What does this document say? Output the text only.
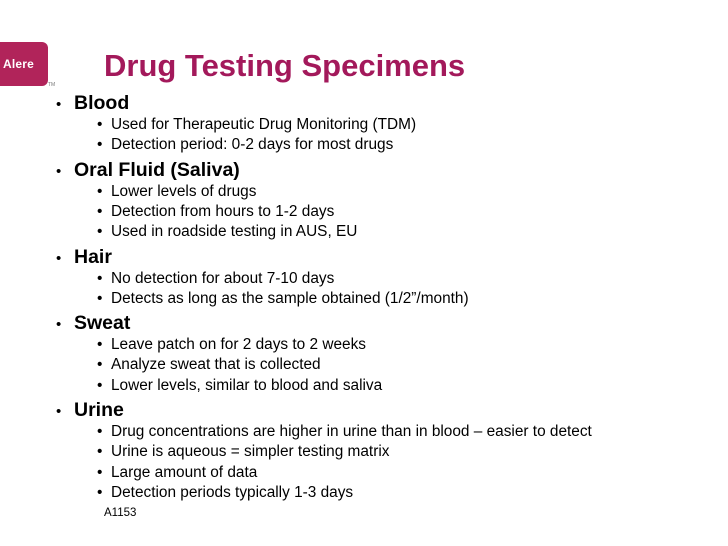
Alere
TM
Drug Testing Specimens
• Blood
• Used for Therapeutic Drug Monitoring (TDM)
• Detection period: 0-2 days for most drugs
• Oral Fluid (Saliva)
• Lower levels of drugs
• Detection from hours to 1-2 days
• Used in roadside testing in AUS, EU
• Hair
• No detection for about 7-10 days
• Detects as long as the sample obtained (1/2”/month)
• Sweat
• Leave patch on for 2 days to 2 weeks
• Analyze sweat that is collected
• Lower levels, similar to blood and saliva
• Urine
• Drug concentrations are higher in urine than in blood – easier to detect
• Urine is aqueous = simpler testing matrix
• Large amount of data
• Detection periods typically 1-3 days
A1153
